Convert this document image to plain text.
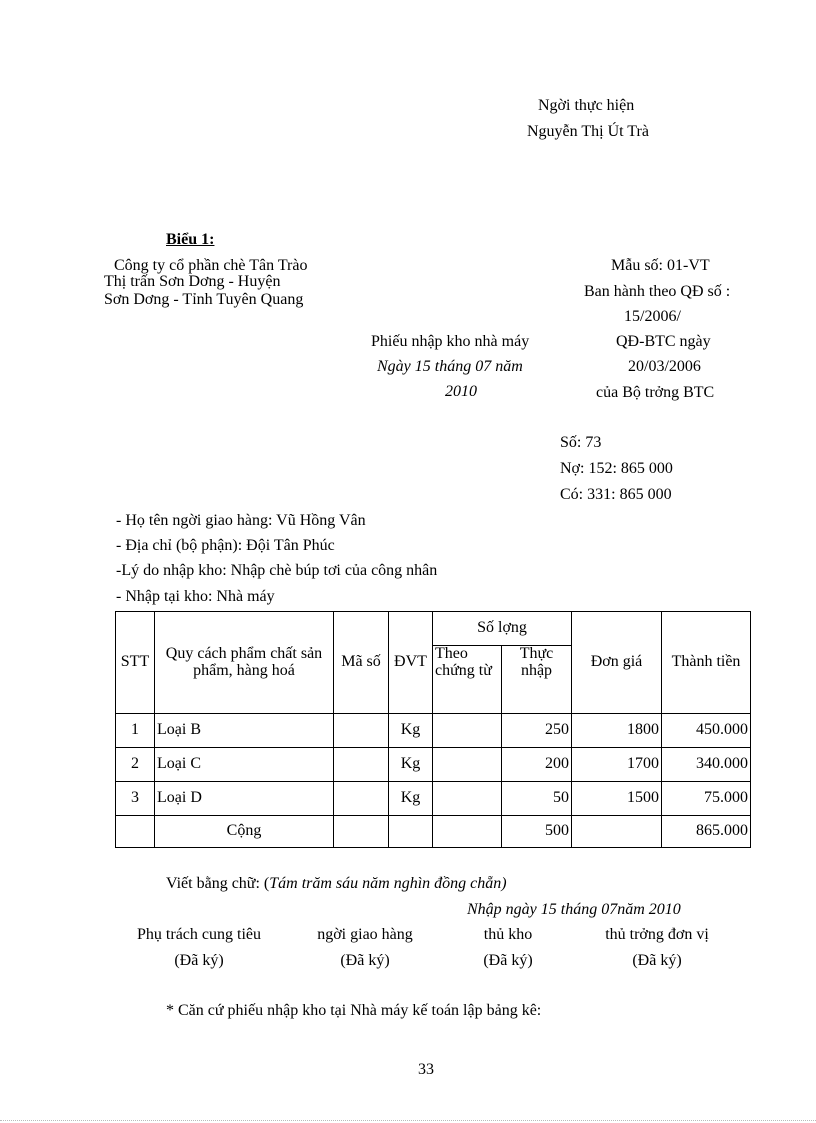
Ngời thực hiện
Nguyễn Thị Út Trà
Biểu 1:
Công ty cổ phần chè Tân Trào
Thị trấn Sơn Dơng - Huyện
Sơn Dơng - Tỉnh Tuyên Quang
Mẫu số: 01-VT
Ban hành theo QĐ số :
15/2006/
QĐ-BTC ngày
20/03/2006
của Bộ trởng BTC
Phiếu nhập kho nhà máy
Ngày 15 tháng 07 năm
2010
Số: 73
Nợ: 152: 865 000
Có: 331: 865 000
- Họ tên ngời giao hàng: Vũ Hồng Vân
- Địa chỉ (bộ phận): Đội Tân Phúc
-Lý do nhập kho: Nhập chè búp tơi của công nhân
- Nhập tại kho: Nhà máy
STT	Quy cách phẩm chất sản phẩm, hàng hoá	Mã số	ĐVT	Số lợng		Đơn giá	Thành tiền
				Theo chứng từ	Thực nhập		
1	Loại B		Kg		250	1800	450.000
2	Loại C		Kg		200	1700	340.000
3	Loại D		Kg		50	1500	75.000
	Cộng				500		865.000
Viết bằng chữ: (Tám trăm sáu năm nghìn đồng chẵn)
Nhập ngày 15 tháng 07năm 2010
Phụ trách cung tiêu
(Đã ký)
ngời giao hàng
(Đã ký)
thủ kho
(Đã ký)
thủ trởng đơn vị
(Đã ký)
* Căn cứ phiếu nhập kho tại Nhà máy kế toán lập bảng kê:
33
